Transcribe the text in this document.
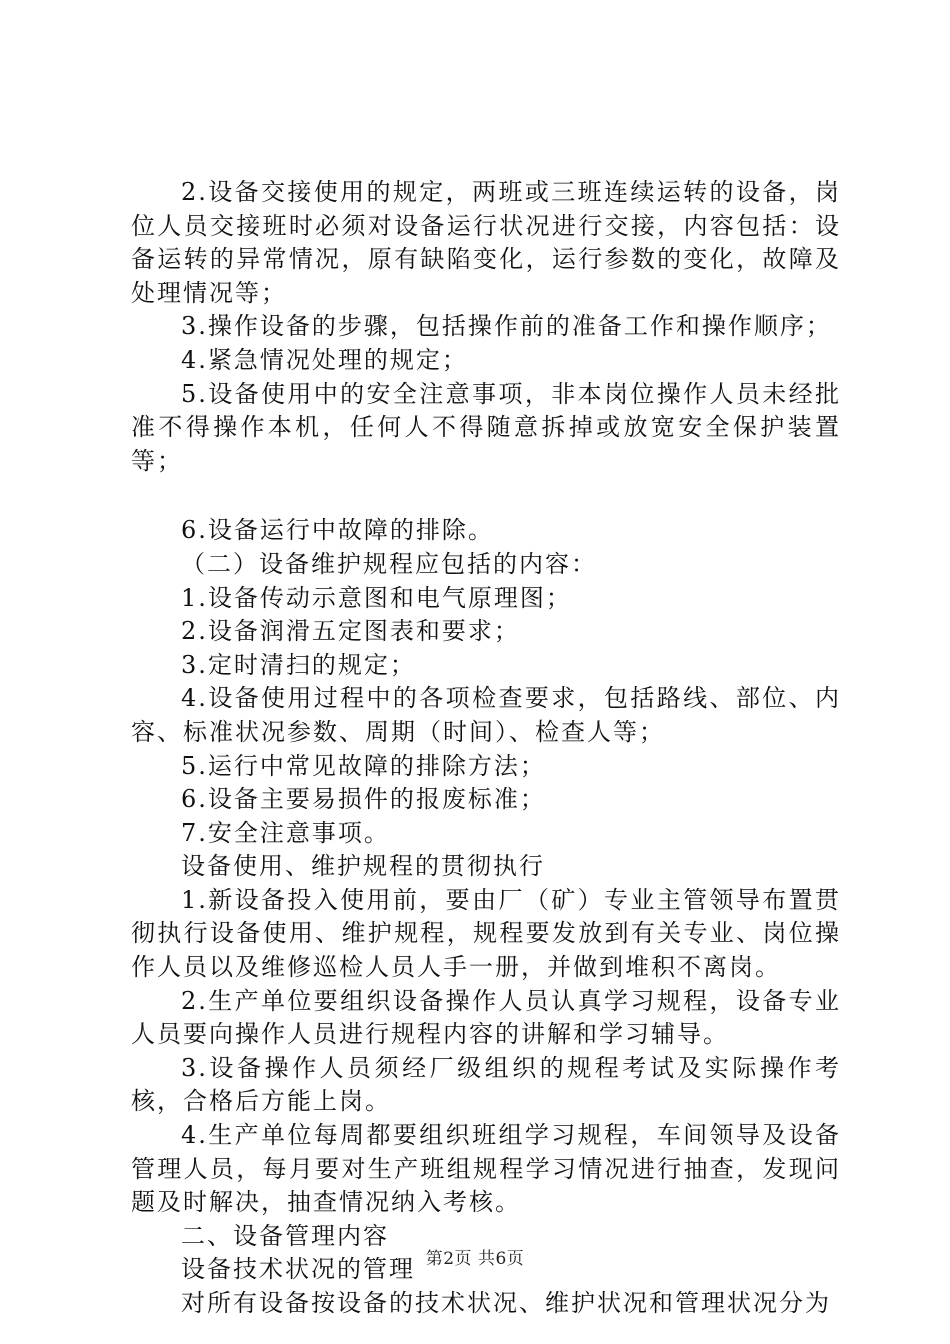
2.设备交接使用的规定，两班或三班连续运转的设备，岗位人员交接班时必须对设备运行状况进行交接，内容包括：设备运转的异常情况，原有缺陷变化，运行参数的变化，故障及处理情况等；

3.操作设备的步骤，包括操作前的准备工作和操作顺序；

4.紧急情况处理的规定；

5.设备使用中的安全注意事项，非本岗位操作人员未经批准不得操作本机，任何人不得随意拆掉或放宽安全保护装置等；

6.设备运行中故障的排除。

（二）设备维护规程应包括的内容：

1.设备传动示意图和电气原理图；

2.设备润滑五定图表和要求；

3.定时清扫的规定；

4.设备使用过程中的各项检查要求，包括路线、部位、内容、标准状况参数、周期（时间）、检查人等；

5.运行中常见故障的排除方法；

6.设备主要易损件的报废标准；

7.安全注意事项。

设备使用、维护规程的贯彻执行

1.新设备投入使用前，要由厂（矿）专业主管领导布置贯彻执行设备使用、维护规程，规程要发放到有关专业、岗位操作人员以及维修巡检人员人手一册，并做到堆积不离岗。

2.生产单位要组织设备操作人员认真学习规程，设备专业人员要向操作人员进行规程内容的讲解和学习辅导。

3.设备操作人员须经厂级组织的规程考试及实际操作考核，合格后方能上岗。

4.生产单位每周都要组织班组学习规程，车间领导及设备管理人员，每月要对生产班组规程学习情况进行抽查，发现问题及时解决，抽查情况纳入考核。

二、设备管理内容

设备技术状况的管理

对所有设备按设备的技术状况、维护状况和管理状况分为

第2页 共6页
